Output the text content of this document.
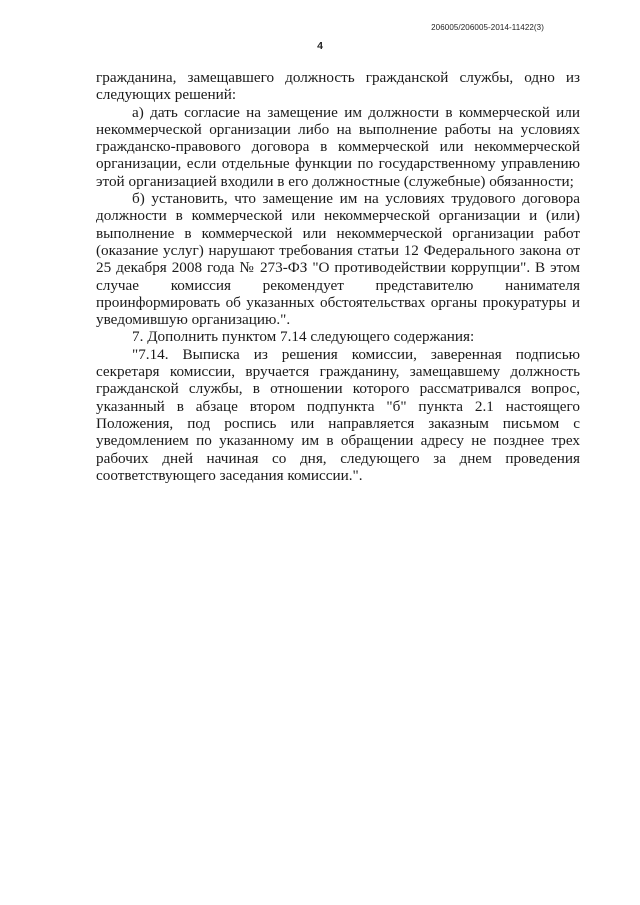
206005/206005-2014-11422(3)
4

гражданина, замещавшего должность гражданской службы, одно из следующих решений:

а) дать согласие на замещение им должности в коммерческой или некоммерческой организации либо на выполнение работы на условиях гражданско-правового договора в коммерческой или некоммерческой организации, если отдельные функции по государственному управлению этой организацией входили в его должностные (служебные) обязанности;

б) установить, что замещение им на условиях трудового договора должности в коммерческой или некоммерческой организации и (или) выполнение в коммерческой или некоммерческой организации работ (оказание услуг) нарушают требования статьи 12 Федерального закона от 25 декабря 2008 года № 273-ФЗ "О противодействии коррупции". В этом случае комиссия рекомендует представителю нанимателя проинформировать об указанных обстоятельствах органы прокуратуры и уведомившую организацию.".

7. Дополнить пунктом 7.14 следующего содержания:

"7.14. Выписка из решения комиссии, заверенная подписью секретаря комиссии, вручается гражданину, замещавшему должность гражданской службы, в отношении которого рассматривался вопрос, указанный в абзаце втором подпункта "б" пункта 2.1 настоящего Положения, под роспись или направляется заказным письмом с уведомлением по указанному им в обращении адресу не позднее трех рабочих дней начиная со дня, следующего за днем проведения соответствующего заседания комиссии.".
